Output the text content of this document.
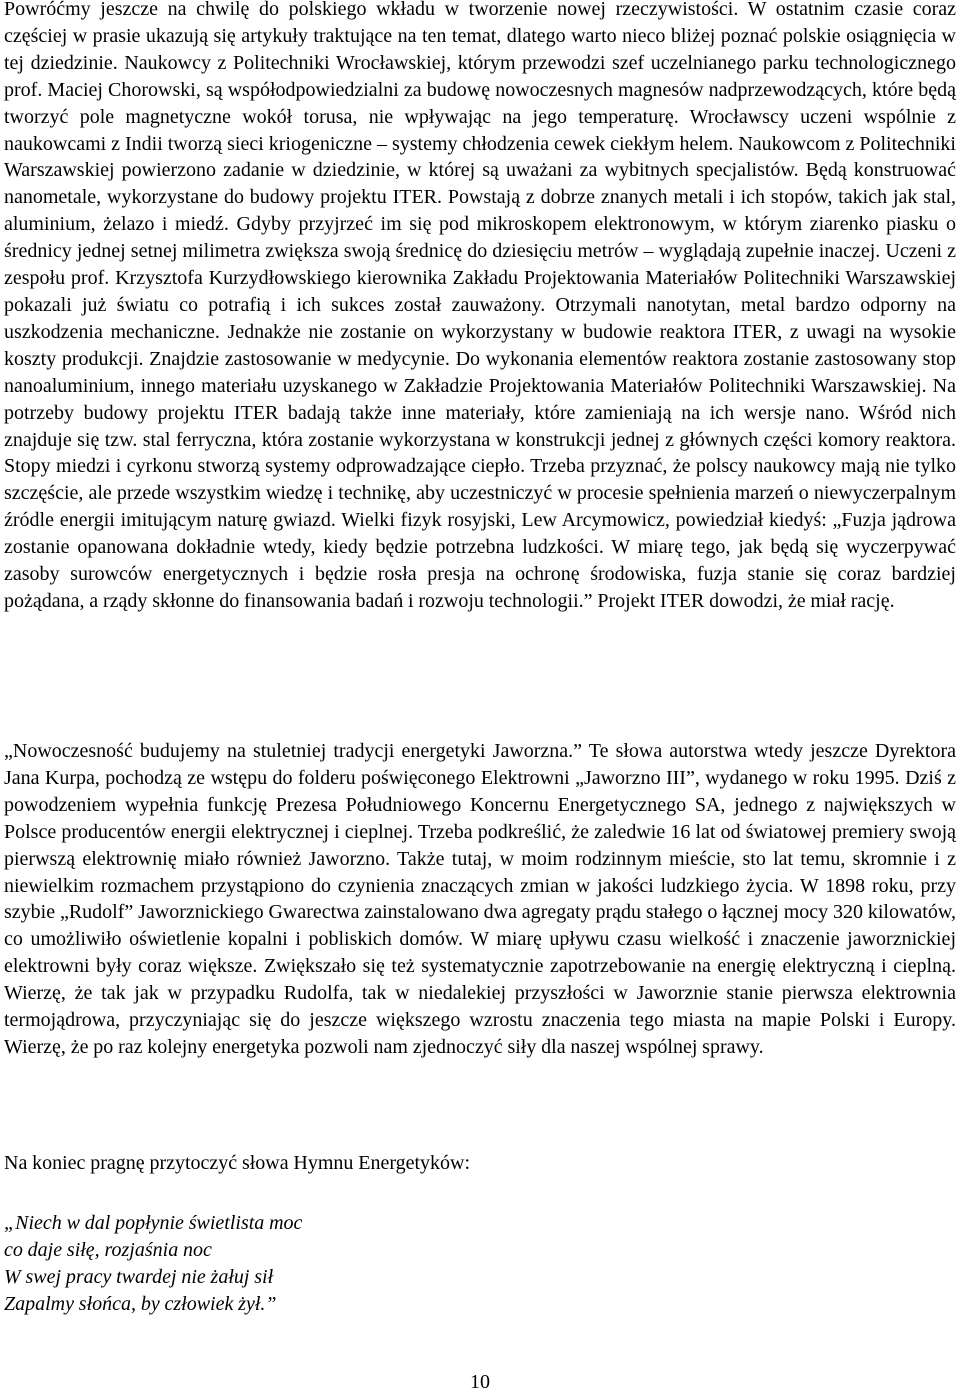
Powróćmy jeszcze na chwilę do polskiego wkładu w tworzenie nowej rzeczywistości. W ostatnim czasie coraz częściej w prasie ukazują się artykuły traktujące na ten temat, dlatego warto nieco bliżej poznać polskie osiągnięcia w tej dziedzinie. Naukowcy z Politechniki Wrocławskiej, którym przewodzi szef uczelnianego parku technologicznego prof. Maciej Chorowski, są współodpowiedzialni za budowę nowoczesnych magnesów nadprzewodzących, które będą tworzyć pole magnetyczne wokół torusa, nie wpływając na jego temperaturę. Wrocławscy uczeni wspólnie z naukowcami z Indii tworzą sieci kriogeniczne – systemy chłodzenia cewek ciekłym helem. Naukowcom z Politechniki Warszawskiej powierzono zadanie w dziedzinie, w której są uważani za wybitnych specjalistów. Będą konstruować nanometale, wykorzystane do budowy projektu ITER. Powstają z dobrze znanych metali i ich stopów, takich jak stal, aluminium, żelazo i miedź. Gdyby przyjrzeć im się pod mikroskopem elektronowym, w którym ziarenko piasku o średnicy jednej setnej milimetra zwiększa swoją średnicę do dziesięciu metrów – wyglądają zupełnie inaczej. Uczeni z zespołu prof. Krzysztofa Kurzydłowskiego kierownika Zakładu Projektowania Materiałów Politechniki Warszawskiej pokazali już światu co potrafią i ich sukces został zauważony. Otrzymali nanotytan, metal bardzo odporny na uszkodzenia mechaniczne. Jednakże nie zostanie on wykorzystany w budowie reaktora ITER, z uwagi na wysokie koszty produkcji. Znajdzie zastosowanie w medycynie. Do wykonania elementów reaktora zostanie zastosowany stop nanoaluminium, innego materiału uzyskanego w Zakładzie Projektowania Materiałów Politechniki Warszawskiej. Na potrzeby budowy projektu ITER badają także inne materiały, które zamieniają na ich wersje nano. Wśród nich znajduje się tzw. stal ferryczna, która zostanie wykorzystana w konstrukcji jednej z głównych części komory reaktora. Stopy miedzi i cyrkonu stworzą systemy odprowadzające ciepło. Trzeba przyznać, że polscy naukowcy mają nie tylko szczęście, ale przede wszystkim wiedzę i technikę, aby uczestniczyć w procesie spełnienia marzeń o niewyczerpalnym źródle energii imitującym naturę gwiazd. Wielki fizyk rosyjski, Lew Arcymowicz, powiedział kiedyś: „Fuzja jądrowa zostanie opanowana dokładnie wtedy, kiedy będzie potrzebna ludzkości. W miarę tego, jak będą się wyczerpywać zasoby surowców energetycznych i będzie rosła presja na ochronę środowiska, fuzja stanie się coraz bardziej pożądana, a rządy skłonne do finansowania badań i rozwoju technologii.” Projekt ITER dowodzi, że miał rację.

„Nowoczesność budujemy na stuletniej tradycji energetyki Jaworzna.” Te słowa autorstwa wtedy jeszcze Dyrektora Jana Kurpa, pochodzą ze wstępu do folderu poświęconego Elektrowni „Jaworzno III”, wydanego w roku 1995. Dziś z powodzeniem wypełnia funkcję Prezesa Południowego Koncernu Energetycznego SA, jednego z największych w Polsce producentów energii elektrycznej i cieplnej. Trzeba podkreślić, że zaledwie 16 lat od światowej premiery swoją pierwszą elektrownię miało również Jaworzno. Także tutaj, w moim rodzinnym mieście, sto lat temu, skromnie i z niewielkim rozmachem przystąpiono do czynienia znaczących zmian w jakości ludzkiego życia. W 1898 roku, przy szybie „Rudolf” Jaworznickiego Gwarectwa zainstalowano dwa agregaty prądu stałego o łącznej mocy 320 kilowatów, co umożliwiło oświetlenie kopalni i pobliskich domów. W miarę upływu czasu wielkość i znaczenie jaworznickiej elektrowni były coraz większe. Zwiększało się też systematycznie zapotrzebowanie na energię elektryczną i cieplną. Wierzę, że tak jak w przypadku Rudolfa, tak w niedalekiej przyszłości w Jaworznie stanie pierwsza elektrownia termojądrowa, przyczyniając się do jeszcze większego wzrostu znaczenia tego miasta na mapie Polski i Europy. Wierzę, że po raz kolejny energetyka pozwoli nam zjednoczyć siły dla naszej wspólnej sprawy.

Na koniec pragnę przytoczyć słowa Hymnu Energetyków:

„Niech w dal popłynie świetlista moc
co daje siłę, rozjaśnia noc
W swej pracy twardej nie żałuj sił
Zapalmy słońca, by człowiek żył.”
10
